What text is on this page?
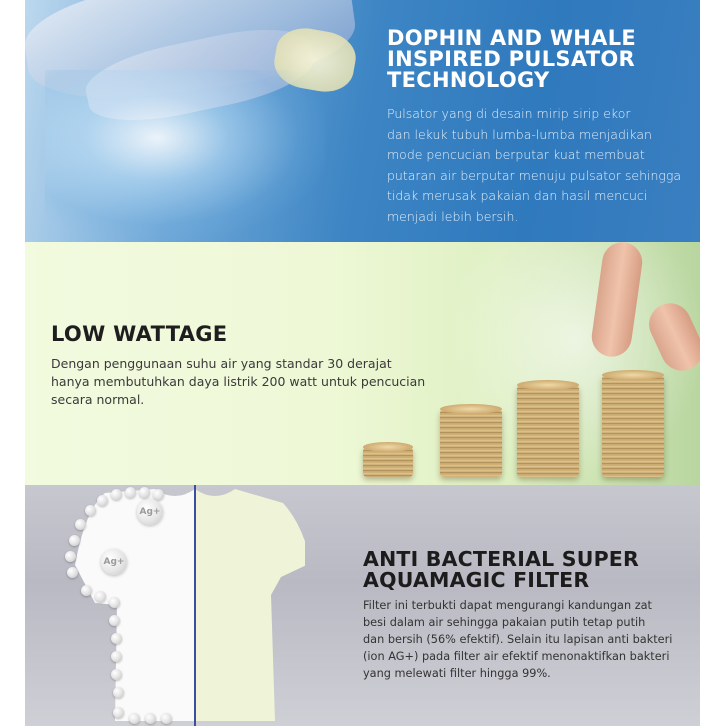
DOPHIN AND WHALE
INSPIRED PULSATOR
TECHNOLOGY
Pulsator yang di desain mirip sirip ekor
dan lekuk tubuh lumba-lumba menjadikan
mode pencucian berputar kuat membuat
putaran air berputar menuju pulsator sehingga
tidak merusak pakaian dan hasil mencuci
menjadi lebih bersih.
LOW WATTAGE
Dengan penggunaan suhu air yang standar 30 derajat
hanya membutuhkan daya listrik 200 watt untuk pencucian
secara normal.
Ag+
Ag+	ANTI BACTERIAL SUPER
AQUAMAGIC FILTER
Filter ini terbukti dapat mengurangi kandungan zat
besi dalam air sehingga pakaian putih tetap putih
dan bersih (56% efektif). Selain itu lapisan anti bakteri
(ion AG+) pada filter air efektif menonaktifkan bakteri
yang melewati filter hingga 99%.
